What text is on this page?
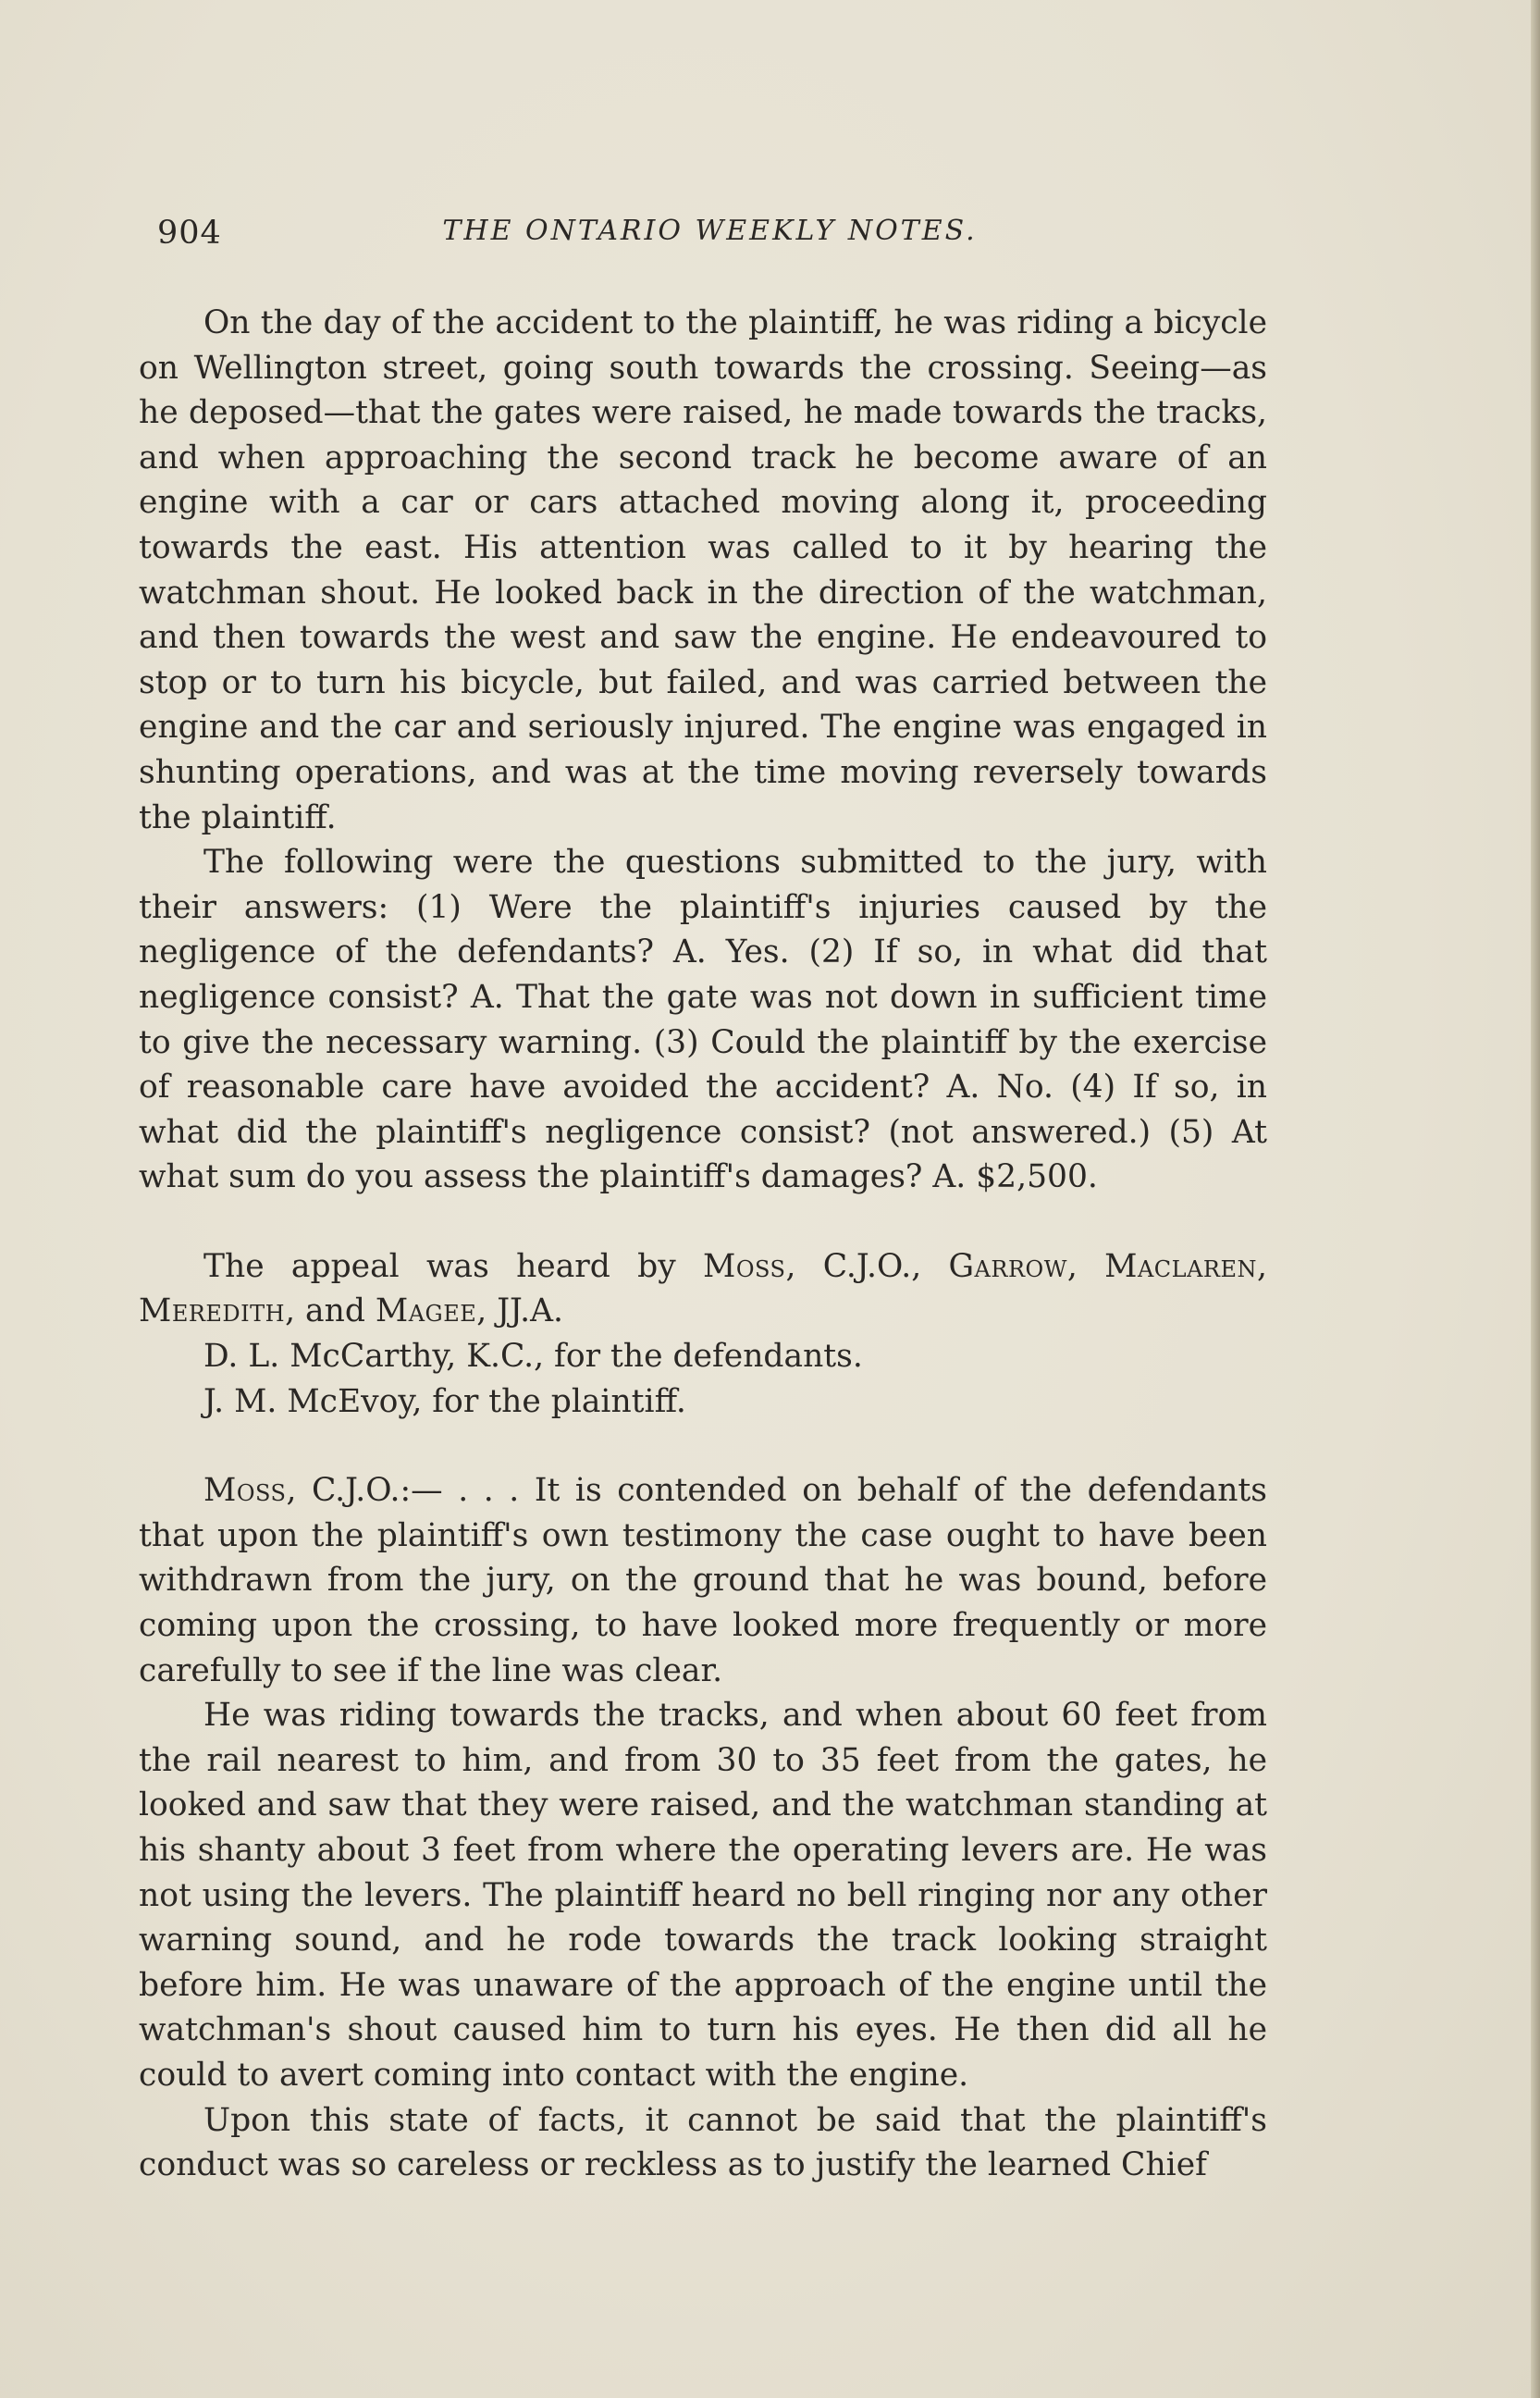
904	THE ONTARIO WEEKLY NOTES.

On the day of the accident to the plaintiff, he was riding a bicycle on Wellington street, going south towards the crossing. Seeing—as he deposed—that the gates were raised, he made towards the tracks, and when approaching the second track he become aware of an engine with a car or cars attached moving along it, proceeding towards the east. His attention was called to it by hearing the watchman shout. He looked back in the direction of the watchman, and then towards the west and saw the engine. He endeavoured to stop or to turn his bicycle, but failed, and was carried between the engine and the car and seriously injured. The engine was engaged in shunting operations, and was at the time moving reversely towards the plaintiff.

The following were the questions submitted to the jury, with their answers: (1) Were the plaintiff's injuries caused by the negligence of the defendants? A. Yes. (2) If so, in what did that negligence consist? A. That the gate was not down in sufficient time to give the necessary warning. (3) Could the plaintiff by the exercise of reasonable care have avoided the accident? A. No. (4) If so, in what did the plaintiff's negligence consist? (not answered.) (5) At what sum do you assess the plaintiff's damages? A. $2,500.

The appeal was heard by Moss, C.J.O., Garrow, Maclaren, Meredith, and Magee, JJ.A.

D. L. McCarthy, K.C., for the defendants.

J. M. McEvoy, for the plaintiff.

Moss, C.J.O.:— . . . It is contended on behalf of the defendants that upon the plaintiff's own testimony the case ought to have been withdrawn from the jury, on the ground that he was bound, before coming upon the crossing, to have looked more frequently or more carefully to see if the line was clear.

He was riding towards the tracks, and when about 60 feet from the rail nearest to him, and from 30 to 35 feet from the gates, he looked and saw that they were raised, and the watchman standing at his shanty about 3 feet from where the operating levers are. He was not using the levers. The plaintiff heard no bell ringing nor any other warning sound, and he rode towards the track looking straight before him. He was unaware of the approach of the engine until the watchman's shout caused him to turn his eyes. He then did all he could to avert coming into contact with the engine.

Upon this state of facts, it cannot be said that the plaintiff's conduct was so careless or reckless as to justify the learned Chief
